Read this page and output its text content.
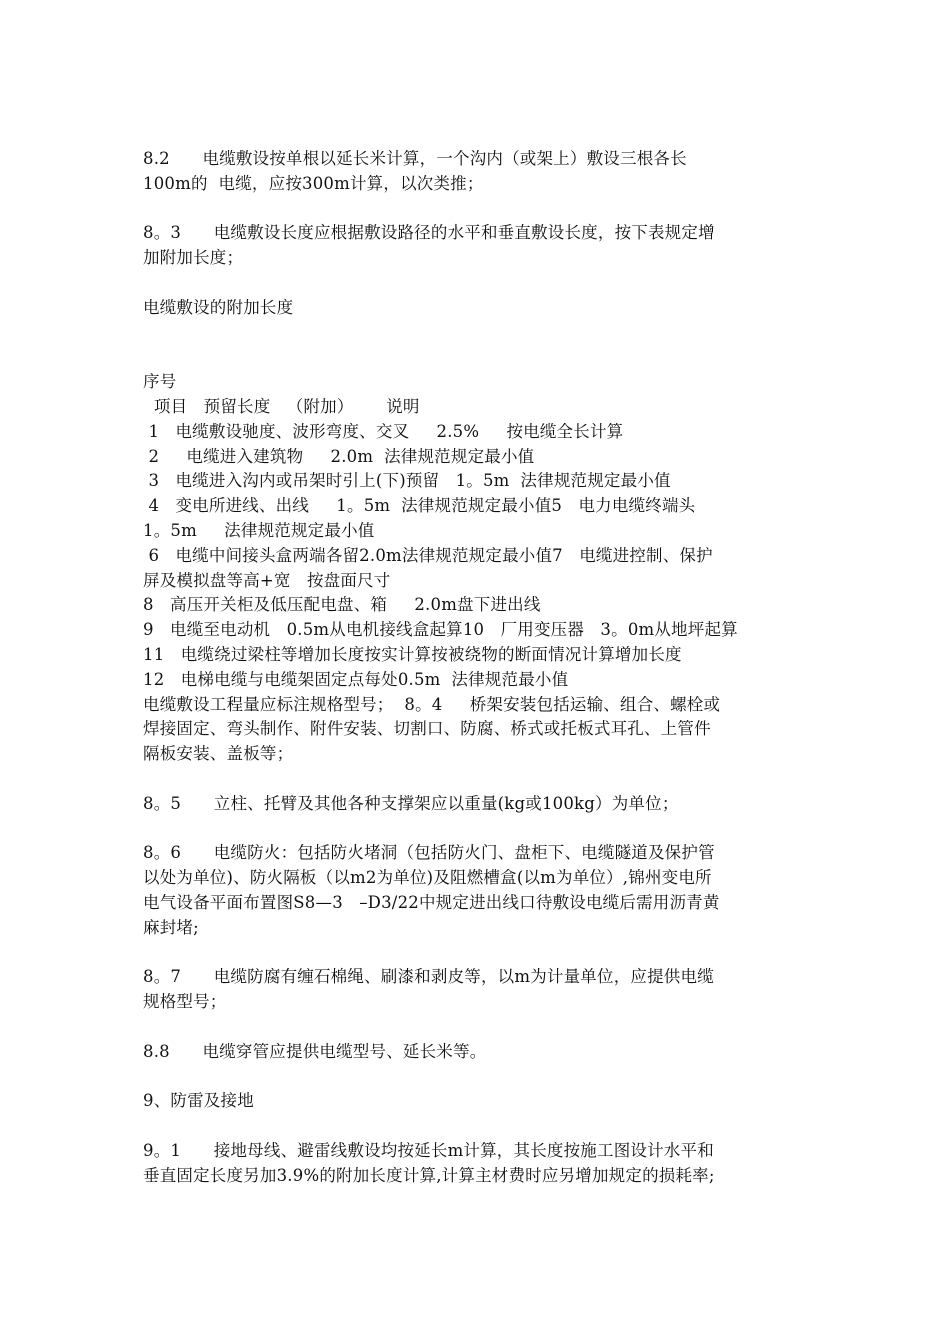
8.2      电缆敷设按单根以延长米计算，一个沟内（或架上）敷设三根各长
100m的  电缆，应按300m计算，以次类推；
8。3      电缆敷设长度应根据敷设路径的水平和垂直敷设长度，按下表规定增
加附加长度；
电缆敷设的附加长度
序号
项目   预留长度   （附加）      说明
1   电缆敷设驰度、波形弯度、交叉     2.5%     按电缆全长计算
2     电缆进入建筑物     2.0m  法律规范规定最小值
3   电缆进入沟内或吊架时引上(下)预留   1。5m  法律规范规定最小值
4   变电所进线、出线     1。5m  法律规范规定最小值5   电力电缆终端头
1。5m     法律规范规定最小值
6   电缆中间接头盒两端各留2.0m法律规范规定最小值7   电缆进控制、保护
屏及模拟盘等高+宽   按盘面尺寸
8   高压开关柜及低压配电盘、箱     2.0m盘下进出线
9   电缆至电动机   0.5m从电机接线盒起算10   厂用变压器   3。0m从地坪起算
11   电缆绕过梁柱等增加长度按实计算按被绕物的断面情况计算增加长度
12   电梯电缆与电缆架固定点每处0.5m  法律规范最小值
电缆敷设工程量应标注规格型号；  8。4     桥架安装包括运输、组合、螺栓或
焊接固定、弯头制作、附件安装、切割口、防腐、桥式或托板式耳孔、上管件
隔板安装、盖板等；
8。5      立柱、托臂及其他各种支撑架应以重量(kg或100kg）为单位；
8。6      电缆防火：包括防火堵洞（包括防火门、盘柜下、电缆隧道及保护管
以处为单位)、防火隔板（以m2为单位)及阻燃槽盒(以m为单位）,锦州变电所
电气设备平面布置图S8—3   –D3/22中规定进出线口待敷设电缆后需用沥青黄
麻封堵;
8。7      电缆防腐有缠石棉绳、刷漆和剥皮等，以m为计量单位，应提供电缆
规格型号；
8.8      电缆穿管应提供电缆型号、延长米等。
9、防雷及接地
9。1      接地母线、避雷线敷设均按延长m计算，其长度按施工图设计水平和
垂直固定长度另加3.9%的附加长度计算,计算主材费时应另增加规定的损耗率;
